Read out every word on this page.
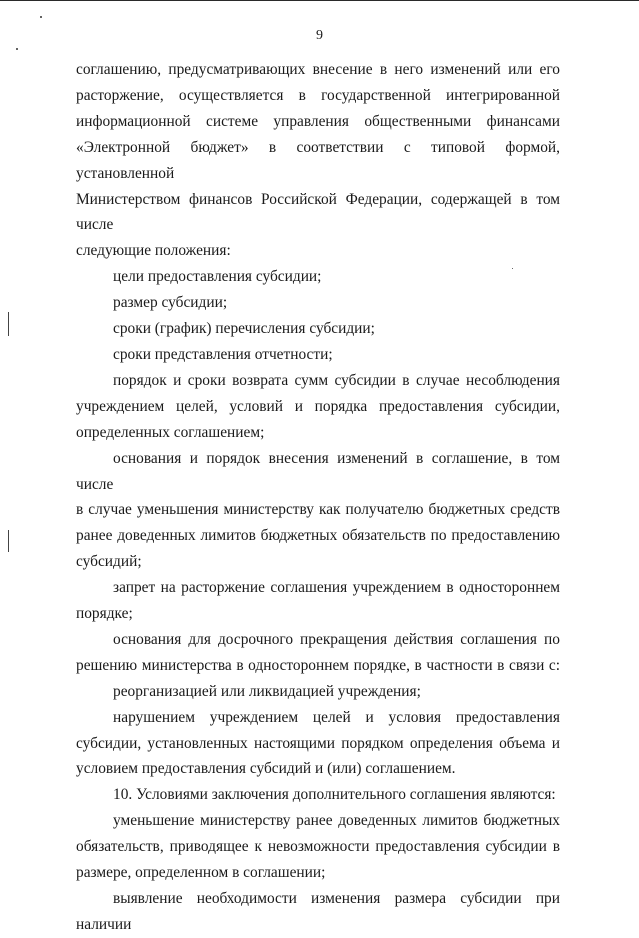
9

соглашению, предусматривающих внесение в него изменений или его

расторжение, осуществляется в государственной интегрированной

информационной системе управления общественными финансами

«Электронной бюджет» в соответствии с типовой формой, установленной

Министерством финансов Российской Федерации, содержащей в том числе

следующие положения:

цели предоставления субсидии;

размер субсидии;

сроки (график) перечисления субсидии;

сроки представления отчетности;

порядок и сроки возврата сумм субсидии в случае несоблюдения

учреждением целей, условий и порядка предоставления субсидии,

определенных соглашением;

основания и порядок внесения изменений в соглашение, в том числе

в случае уменьшения министерству как получателю бюджетных средств

ранее доведенных лимитов бюджетных обязательств по предоставлению

субсидий;

запрет на расторжение соглашения учреждением в одностороннем

порядке;

основания для досрочного прекращения действия соглашения по

решению министерства в одностороннем порядке, в частности в связи с:

реорганизацией или ликвидацией учреждения;

нарушением учреждением целей и условия предоставления

субсидии, установленных настоящими порядком определения объема и

условием предоставления субсидий и (или) соглашением.

10. Условиями заключения дополнительного соглашения являются:

уменьшение министерству ранее доведенных лимитов бюджетных

обязательств, приводящее к невозможности предоставления субсидии в

размере, определенном в соглашении;

выявление необходимости изменения размера субсидии при наличии
